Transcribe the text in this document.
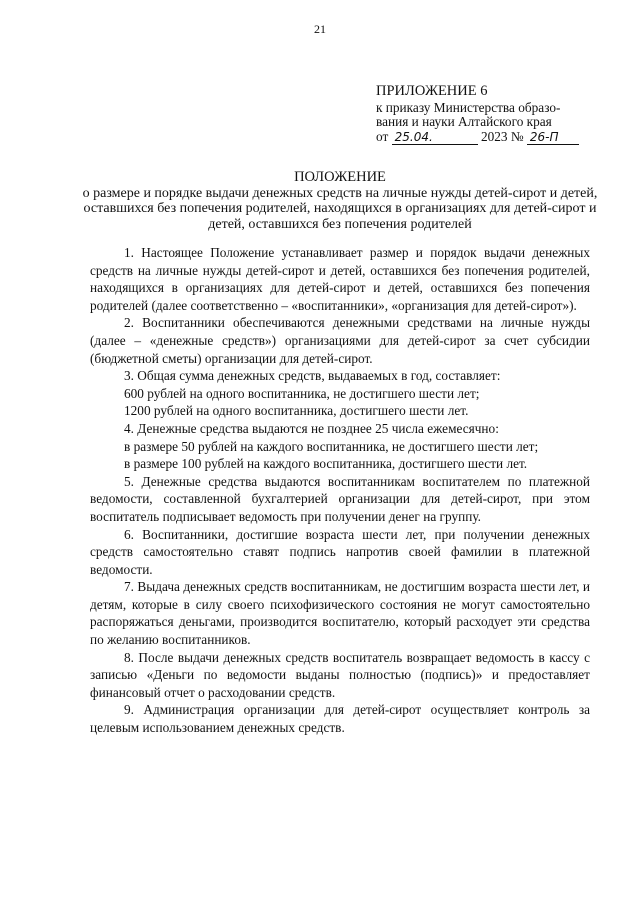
21
ПРИЛОЖЕНИЕ 6
к приказу Министерства образо-
вания и науки Алтайского края
от 25.04.	2023 № 26-П
ПОЛОЖЕНИЕ
о размере и порядке выдачи денежных средств на личные нужды детей-сирот и детей, оставшихся без попечения родителей, находящихся в организациях для детей-сирот и детей, оставшихся без попечения родителей

1. Настоящее Положение устанавливает размер и порядок выдачи денежных средств на личные нужды детей-сирот и детей, оставшихся без попечения родителей, находящихся в организациях для детей-сирот и детей, оставшихся без попечения родителей (далее соответственно – «воспитанники», «организация для детей-сирот»).

2. Воспитанники обеспечиваются денежными средствами на личные нужды (далее – «денежные средств») организациями для детей-сирот за счет субсидии (бюджетной сметы) организации для детей-сирот.

3. Общая сумма денежных средств, выдаваемых в год, составляет:

600 рублей на одного воспитанника, не достигшего шести лет;

1200 рублей на одного воспитанника, достигшего шести лет.

4. Денежные средства выдаются не позднее 25 числа ежемесячно:

в размере 50 рублей на каждого воспитанника, не достигшего шести лет;

в размере 100 рублей на каждого воспитанника, достигшего шести лет.

5. Денежные средства выдаются воспитанникам воспитателем по платежной ведомости, составленной бухгалтерией организации для детей-сирот, при этом воспитатель подписывает ведомость при получении денег на группу.

6. Воспитанники, достигшие возраста шести лет, при получении денежных средств самостоятельно ставят подпись напротив своей фамилии в платежной ведомости.

7. Выдача денежных средств воспитанникам, не достигшим возраста шести лет, и детям, которые в силу своего психофизического состояния не могут самостоятельно распоряжаться деньгами, производится воспитателю, который расходует эти средства по желанию воспитанников.

8. После выдачи денежных средств воспитатель возвращает ведомость в кассу с записью «Деньги по ведомости выданы полностью (подпись)» и предоставляет финансовый отчет о расходовании средств.

9. Администрация организации для детей-сирот осуществляет контроль за целевым использованием денежных средств.
